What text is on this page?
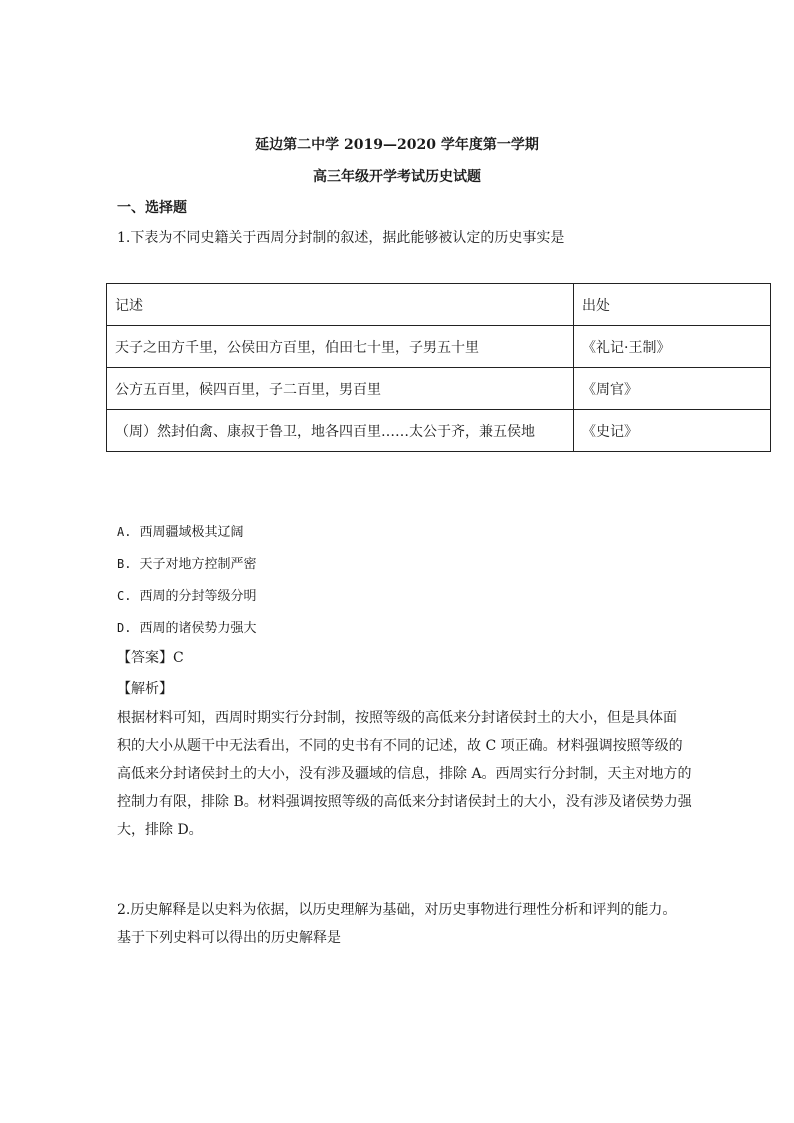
延边第二中学 2019—2020 学年度第一学期
高三年级开学考试历史试题
一、选择题
1.下表为不同史籍关于西周分封制的叙述，据此能够被认定的历史事实是
记述	出处
天子之田方千里，公侯田方百里，伯田七十里，子男五十里	《礼记·王制》
公方五百里，候四百里，子二百里，男百里	《周官》
（周）然封伯禽、康叔于鲁卫，地各四百里……太公于齐，兼五侯地	《史记》
A. 西周疆域极其辽阔
B. 天子对地方控制严密
C. 西周的分封等级分明
D. 西周的诸侯势力强大
【答案】C
【解析】
根据材料可知，西周时期实行分封制，按照等级的高低来分封诸侯封土的大小，但是具体面
积的大小从题干中无法看出，不同的史书有不同的记述，故 C 项正确。材料强调按照等级的
高低来分封诸侯封土的大小，没有涉及疆域的信息，排除 A。西周实行分封制，天主对地方的
控制力有限，排除 B。材料强调按照等级的高低来分封诸侯封土的大小，没有涉及诸侯势力强
大，排除 D。
2.历史解释是以史料为依据，以历史理解为基础，对历史事物进行理性分析和评判的能力。
基于下列史料可以得出的历史解释是
